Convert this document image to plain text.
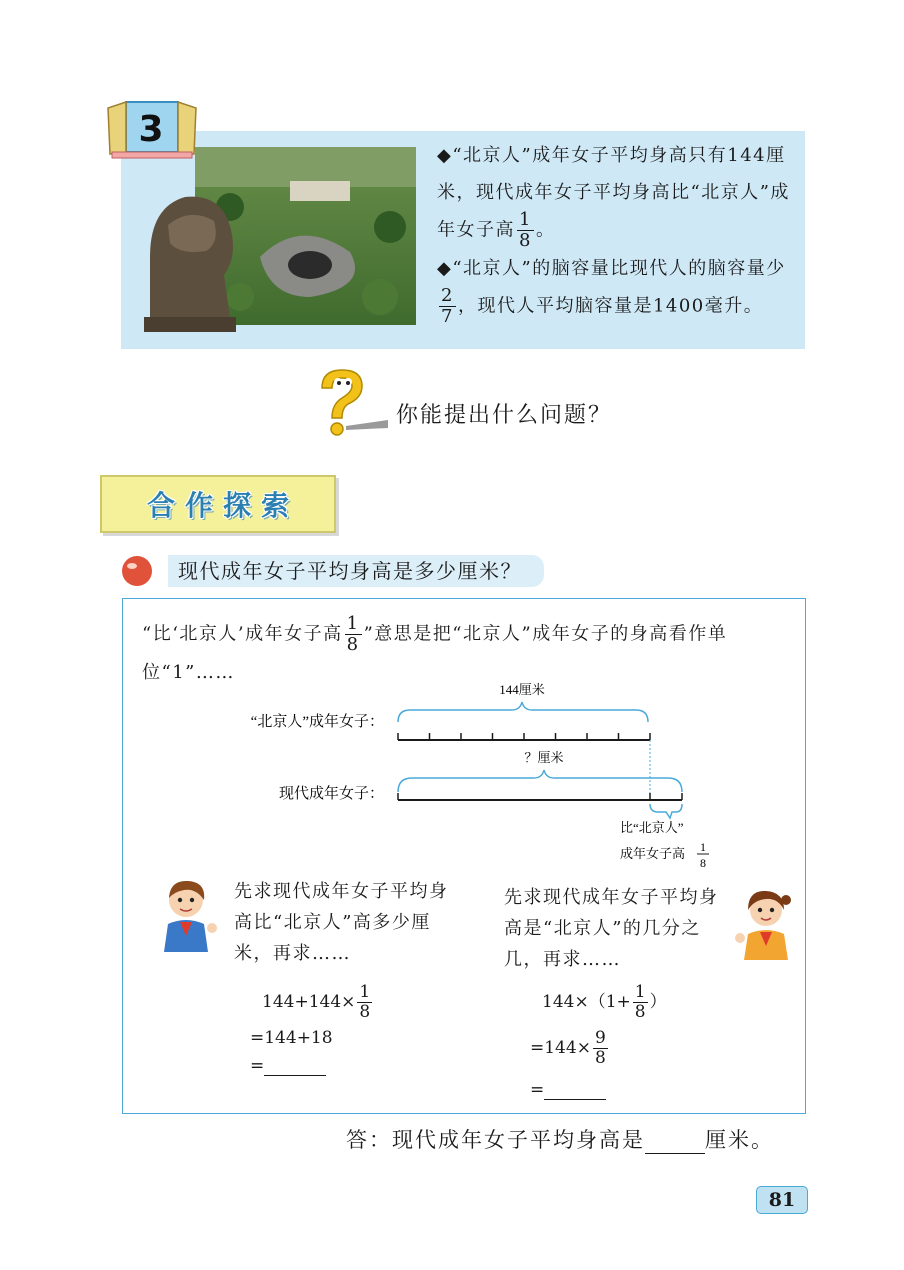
3
◆“北京人”成年女子平均身高只有144厘米，现代成年女子平均身高比“北京人”成年女子高 $\frac{1}{8}$ 。
◆“北京人”的脑容量比现代人的脑容量少
$\frac{2}{7}$ ，现代人平均脑容量是1400毫升。
你能提出什么问题？
合作探索
现代成年女子平均身高是多少厘米？
“比‘北京人’成年女子高 $\frac{1}{8}$ ”意思是把“北京人”成年女子的身高看作单位“1”……
144厘米
“北京人”成年女子：
？厘米
现代成年女子：
比“北京人”
成年女子高 1
8
先求现代成年女子平均身高比“北京人”高多少厘米，再求……
先求现代成年女子平均身高是“北京人”的几分之几，再求……
$144+144\times \frac{1}{8}$
=144+18
=
$144\times(1+ \frac{1}{8}$ ）
$=144\times \frac{9}{8}$
=
答：现代成年女子平均身高是	厘米。
81
